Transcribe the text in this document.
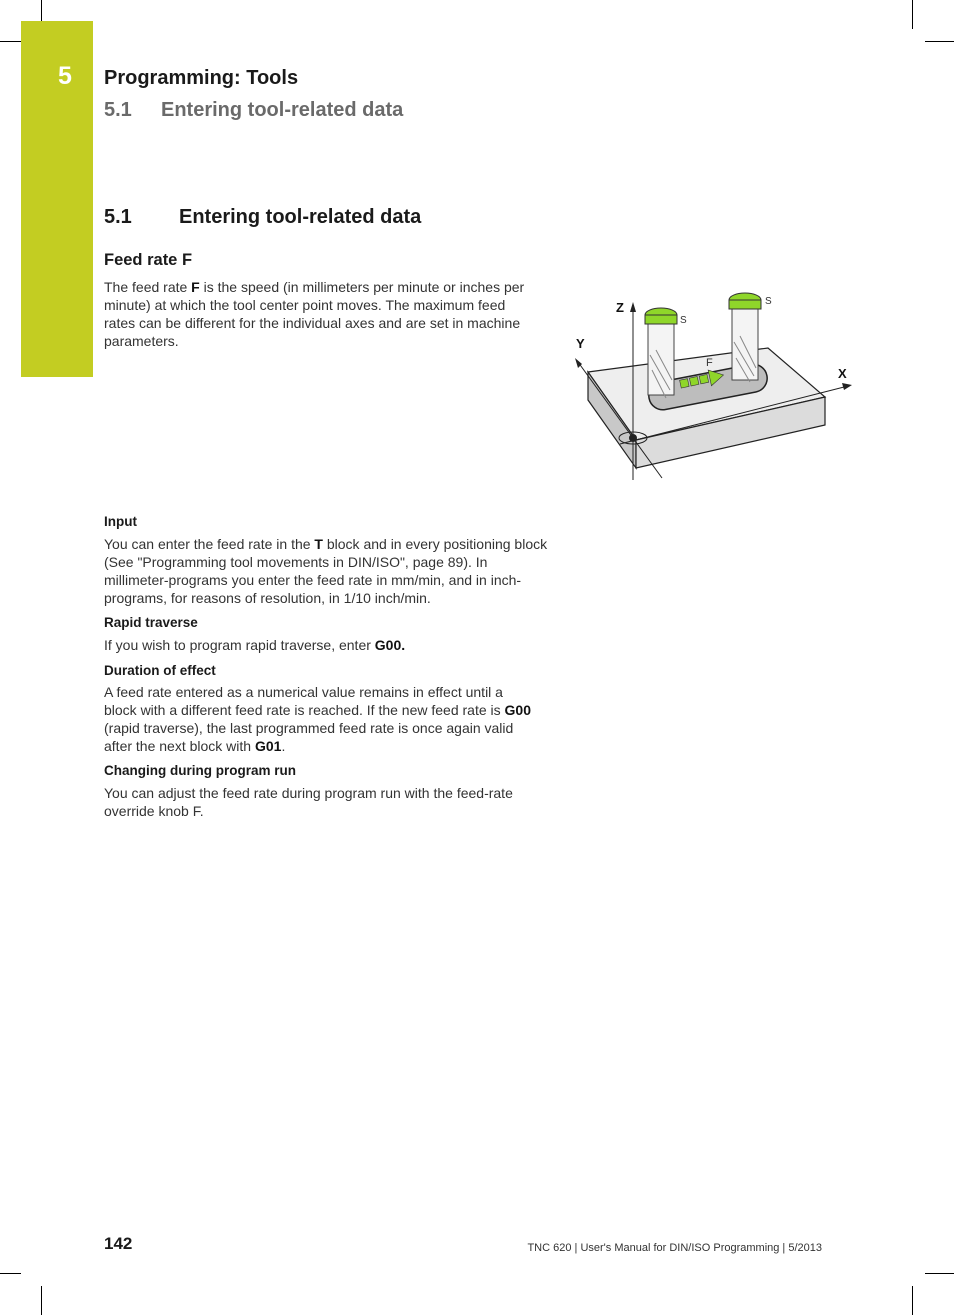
5 Programming: Tools
5.1 Entering tool-related data
5.1 Entering tool-related data
Feed rate F
The feed rate F is the speed (in millimeters per minute or inches per minute) at which the tool center point moves. The maximum feed rates can be different for the individual axes and are set in machine parameters.
Z
Y
X
S
S
F
Input
You can enter the feed rate in the T block and in every positioning block (See "Programming tool movements in DIN/ISO", page 89). In millimeter-programs you enter the feed rate in mm/min, and in inch-programs, for reasons of resolution, in 1/10 inch/min.
Rapid traverse
If you wish to program rapid traverse, enter G00.
Duration of effect
A feed rate entered as a numerical value remains in effect until a block with a different feed rate is reached. If the new feed rate is G00 (rapid traverse), the last programmed feed rate is once again valid after the next block with G01.
Changing during program run
You can adjust the feed rate during program run with the feed-rate override knob F.
142	TNC 620 | User's Manual for DIN/ISO Programming | 5/2013
